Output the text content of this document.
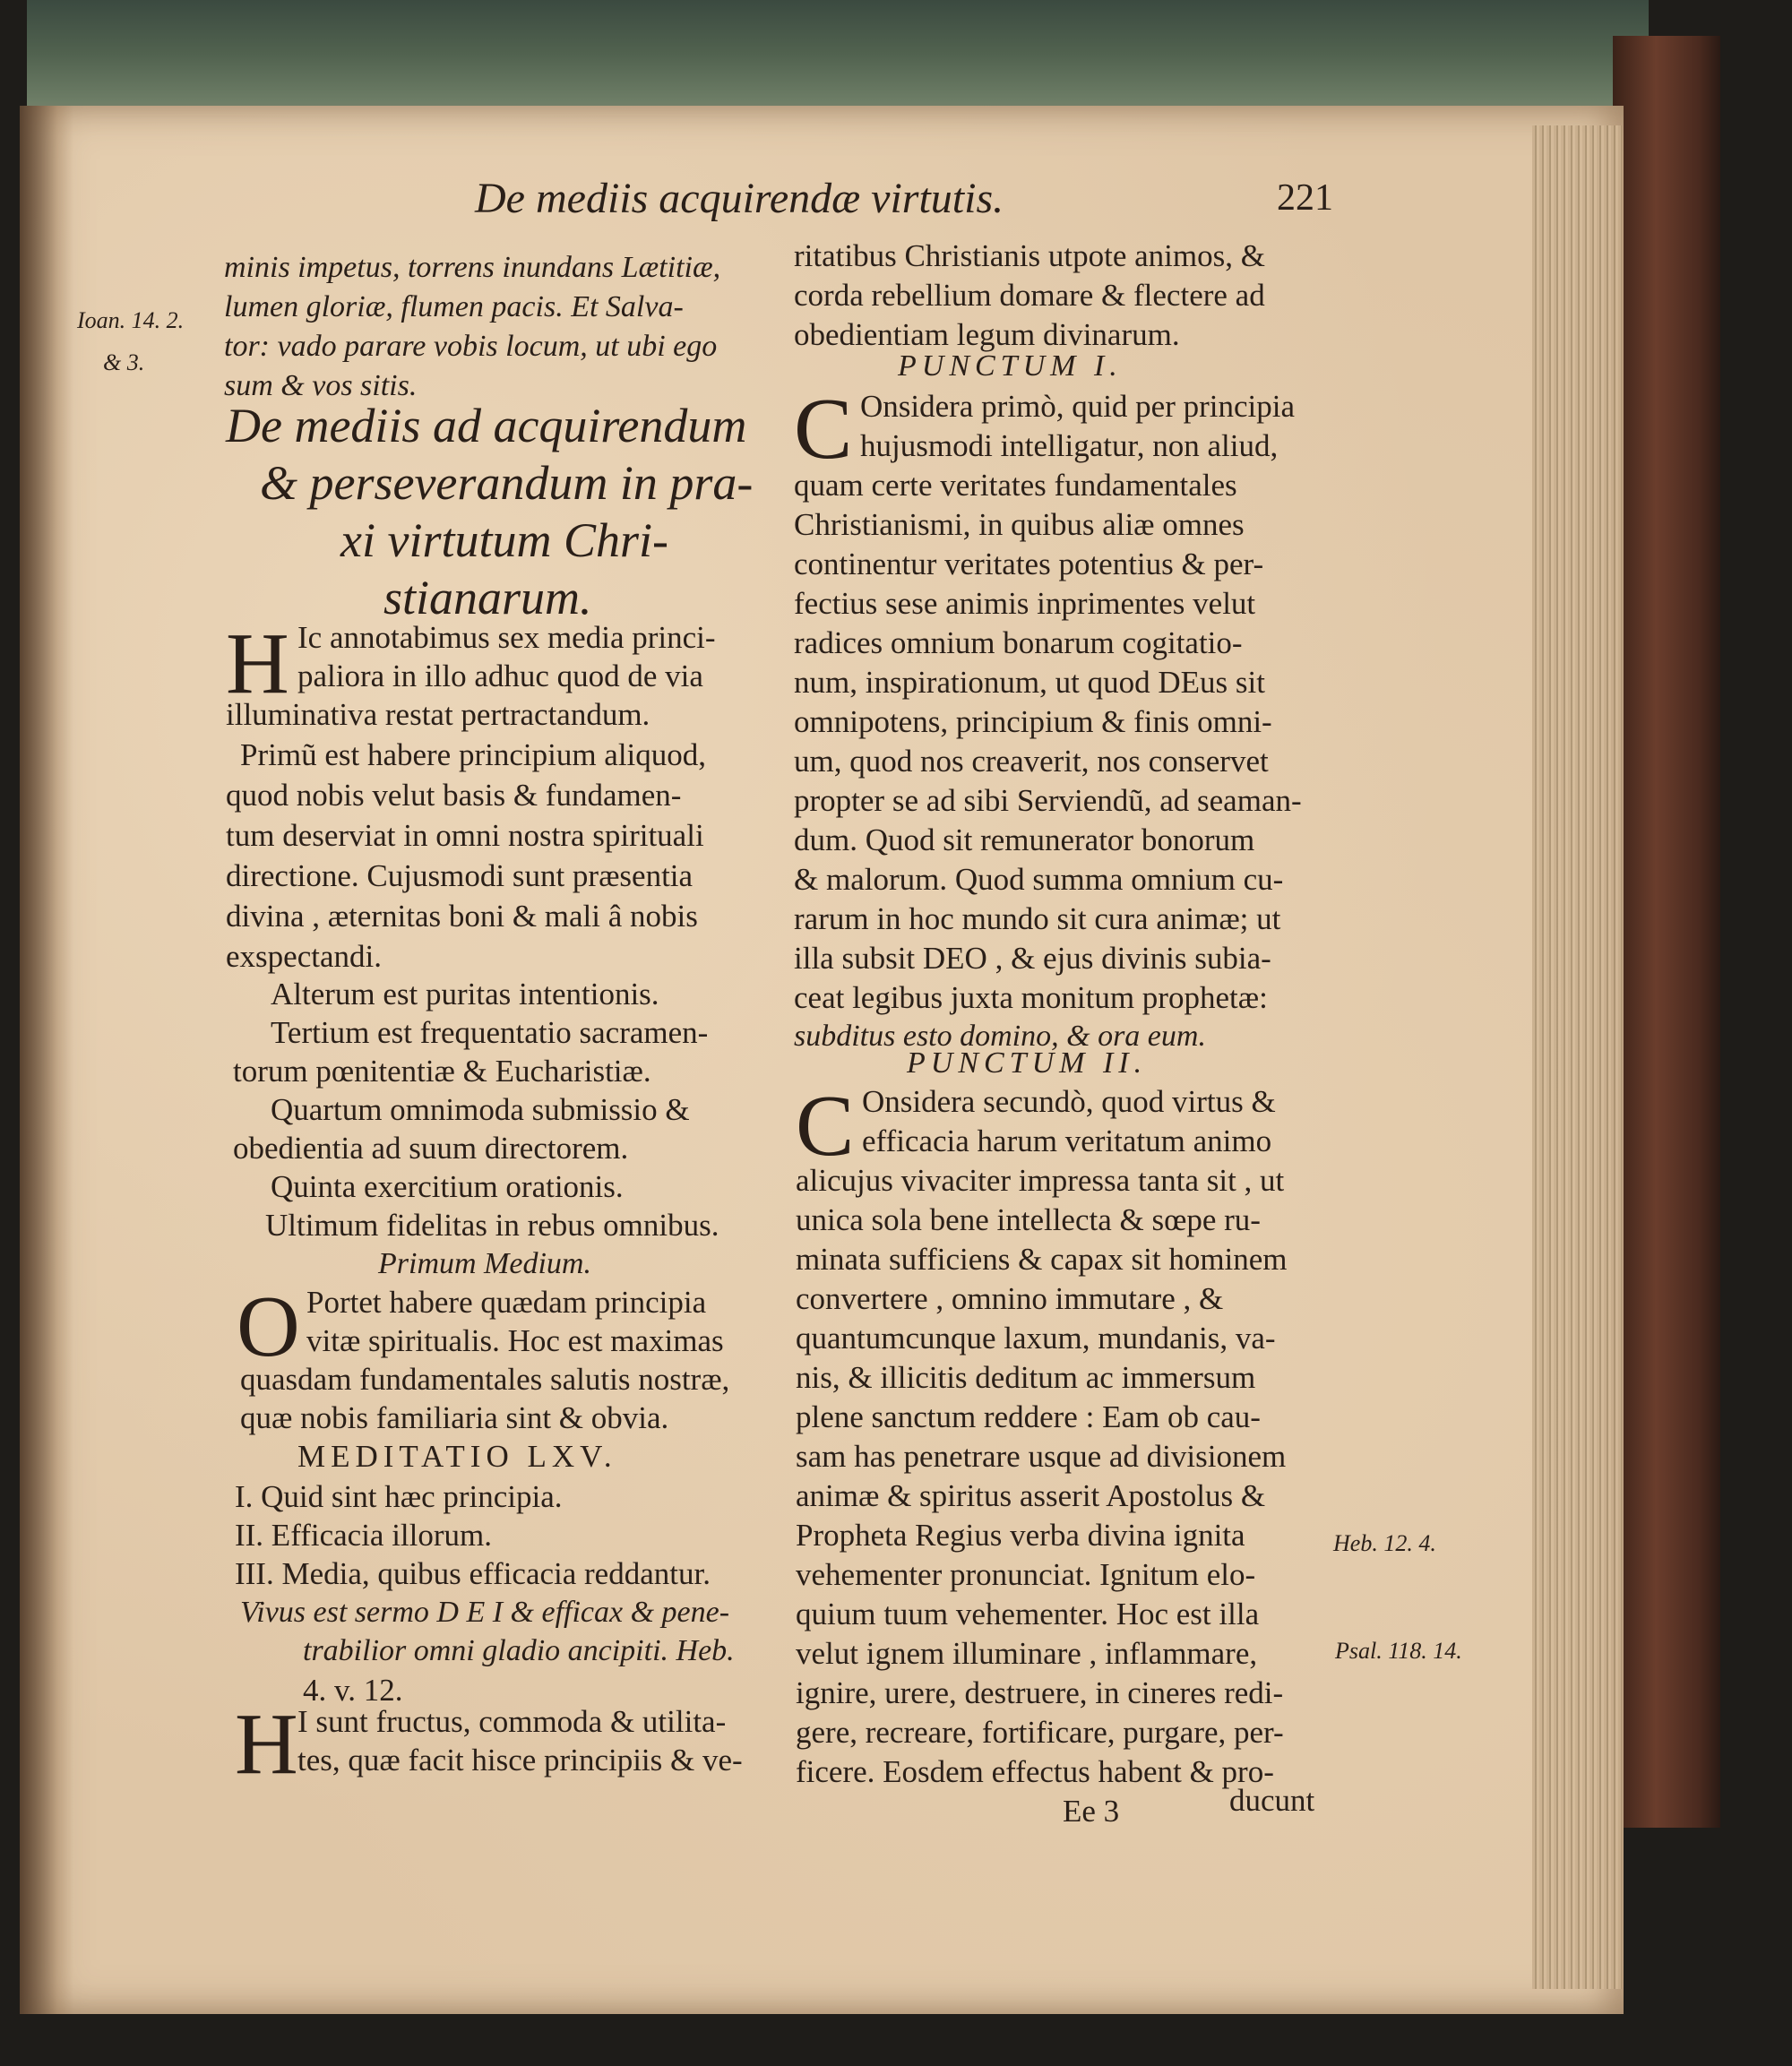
De mediis acquirendæ virtutis.	221
Ioan. 14. 2.
& 3.
minis impetus, torrens inundans Lætitiæ,
lumen gloriæ, flumen pacis. Et Salva-
tor: vado parare vobis locum, ut ubi ego
sum & vos sitis.
De mediis ad acquirendum
& perseverandum in pra-
xi virtutum Chri-
stianarum.
H Ic annotabimus sex media princi-
paliora in illo adhuc quod de via
illuminativa restat pertractandum.
Primũ est habere principium aliquod,
quod nobis velut basis & fundamen-
tum deserviat in omni nostra spirituali
directione. Cujusmodi sunt præsentia
divina , æternitas boni & mali â nobis
exspectandi.
Alterum est puritas intentionis.
Tertium est frequentatio sacramen-
torum pœnitentiæ & Eucharistiæ.
Quartum omnimoda submissio &
obedientia ad suum directorem.
Quinta exercitium orationis.
Ultimum fidelitas in rebus omnibus.
Primum Medium.
O Portet habere quædam principia
vitæ spiritualis. Hoc est maximas
quasdam fundamentales salutis nostræ,
quæ nobis familiaria sint & obvia.
MEDITATIO LXV.
I. Quid sint hæc principia.
II. Efficacia illorum.
III. Media, quibus efficacia reddantur.
Vivus est sermo D E I & efficax & pene-
trabilior omni gladio ancipiti. Heb.
4. v. 12.
H I sunt fructus, commoda & utilita-
tes, quæ facit hisce principiis & ve-
ritatibus Christianis utpote animos, &
corda rebellium domare & flectere ad
obedientiam legum divinarum.
PUNCTUM I.
C Onsidera primò, quid per principia
hujusmodi intelligatur, non aliud,
quam certe veritates fundamentales
Christianismi, in quibus aliæ omnes
continentur veritates potentius & per-
fectius sese animis inprimentes velut
radices omnium bonarum cogitatio-
num, inspirationum, ut quod DEus sit
omnipotens, principium & finis omni-
um, quod nos creaverit, nos conservet
propter se ad sibi Serviendũ, ad seaman-
dum. Quod sit remunerator bonorum
& malorum. Quod summa omnium cu-
rarum in hoc mundo sit cura animæ; ut
illa subsit DEO , & ejus divinis subia-
ceat legibus juxta monitum prophetæ:
subditus esto domino, & ora eum.
PUNCTUM II.
C Onsidera secundò, quod virtus &
efficacia harum veritatum animo
alicujus vivaciter impressa tanta sit , ut
unica sola bene intellecta & sœpe ru-
minata sufficiens & capax sit hominem
convertere , omnino immutare , &
quantumcunque laxum, mundanis, va-
nis, & illicitis deditum ac immersum
plene sanctum reddere : Eam ob cau-
sam has penetrare usque ad divisionem
animæ & spiritus asserit Apostolus &
Propheta Regius verba divina ignita
vehementer pronunciat. Ignitum elo-
quium tuum vehementer. Hoc est illa
velut ignem illuminare , inflammare,
ignire, urere, destruere, in cineres redi-
gere, recreare, fortificare, purgare, per-
ficere. Eosdem effectus habent & pro-
Ee 3	ducunt
Heb. 12. 4.
Psal. 118. 14.
